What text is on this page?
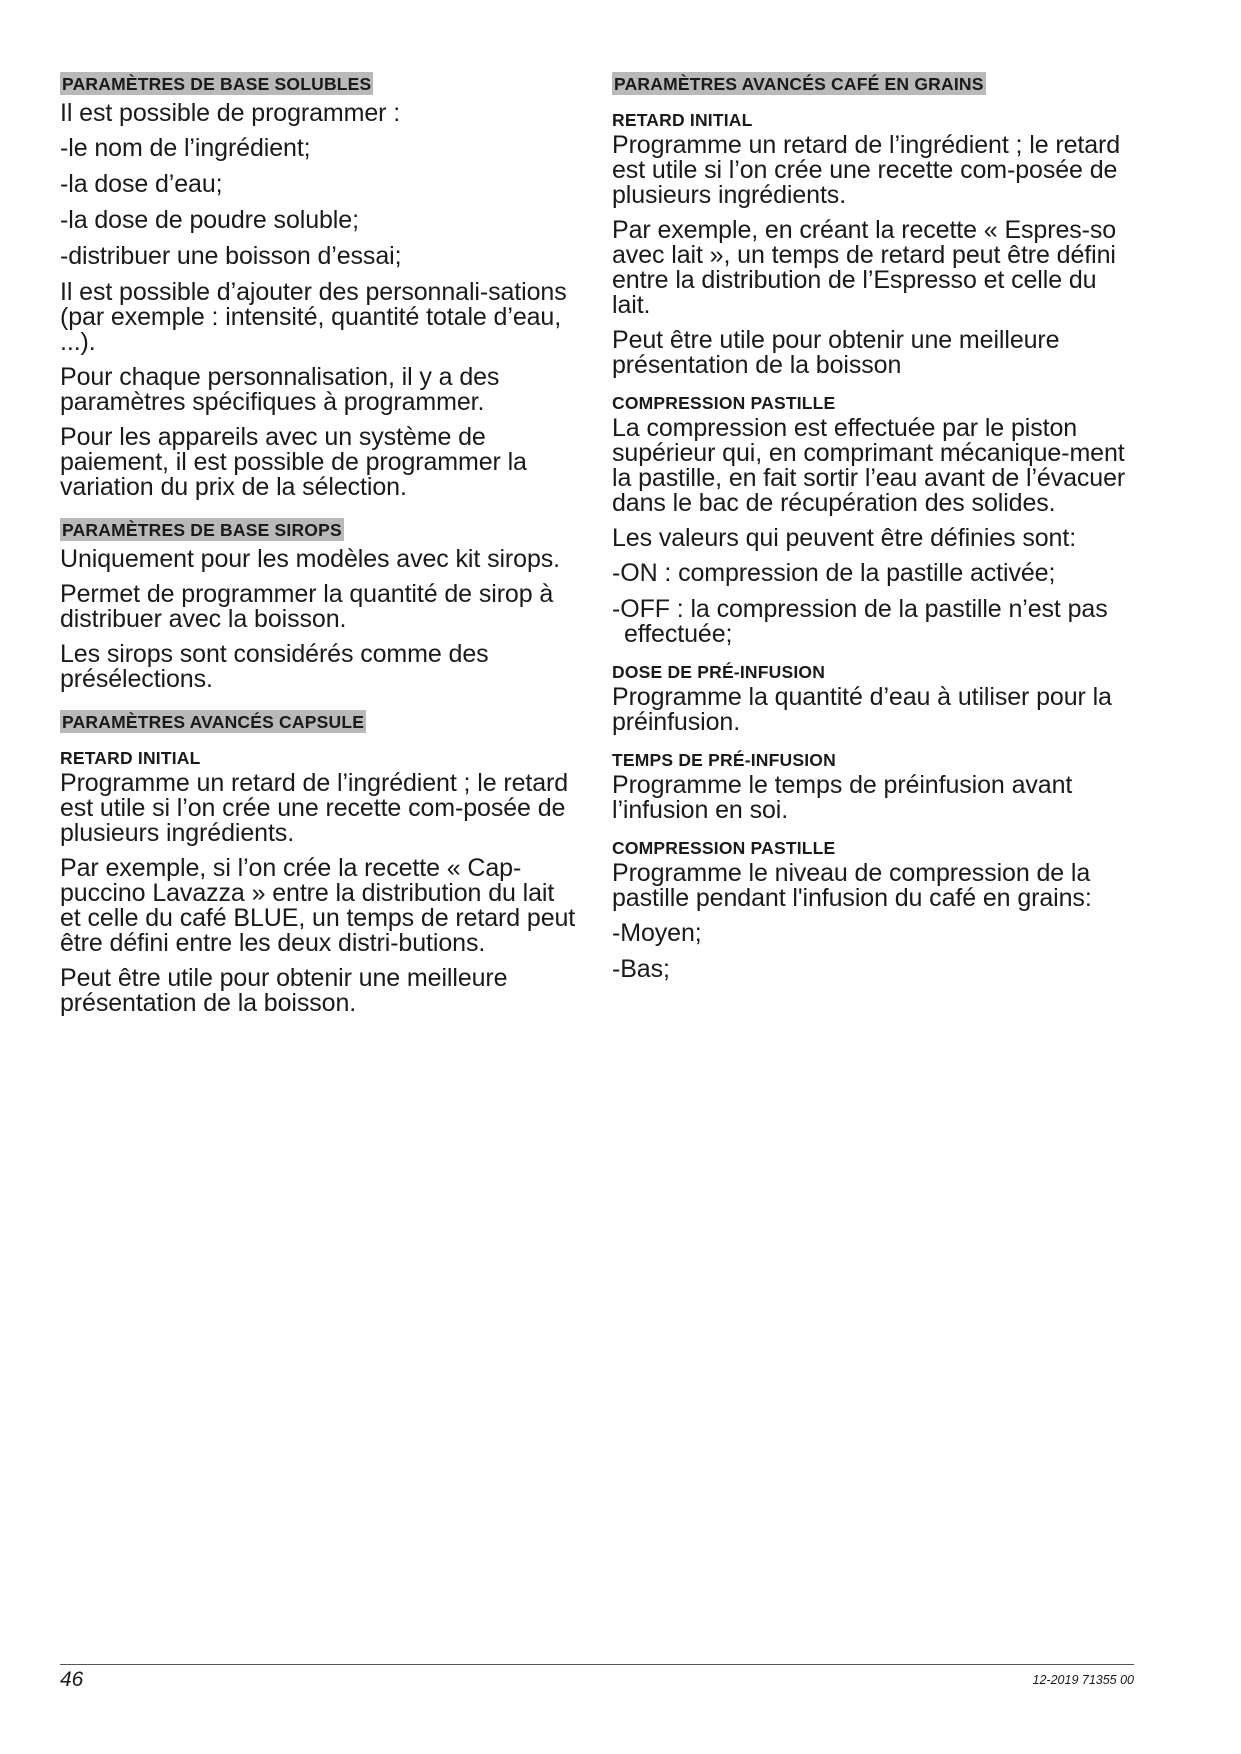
PARAMÈTRES DE BASE SOLUBLES

Il est possible de programmer :

- le nom de l’ingrédient;
- la dose d’eau;
- la dose de poudre soluble;
- distribuer une boisson d’essai;

Il est possible d’ajouter des personnali-sations (par exemple : intensité, quantité totale d’eau, ...).

Pour chaque personnalisation, il y a des paramètres spécifiques à programmer.

Pour les appareils avec un système de paiement, il est possible de programmer la variation du prix de la sélection.

PARAMÈTRES DE BASE SIROPS

Uniquement pour les modèles avec kit sirops.

Permet de programmer la quantité de sirop à distribuer avec la boisson.

Les sirops sont considérés comme des présélections.

PARAMÈTRES AVANCÉS CAPSULE
RETARD INITIAL

Programme un retard de l’ingrédient ; le retard est utile si l’on crée une recette com-posée de plusieurs ingrédients.

Par exemple, si l’on crée la recette « Cap-puccino Lavazza » entre la distribution du lait et celle du café BLUE, un temps de retard peut être défini entre les deux distri-butions.

Peut être utile pour obtenir une meilleure présentation de la boisson.

PARAMÈTRES AVANCÉS CAFÉ EN GRAINS
RETARD INITIAL

Programme un retard de l’ingrédient ; le retard est utile si l’on crée une recette com-posée de plusieurs ingrédients.

Par exemple, en créant la recette « Espres-so avec lait », un temps de retard peut être défini entre la distribution de l’Espresso et celle du lait.

Peut être utile pour obtenir une meilleure présentation de la boisson

COMPRESSION PASTILLE

La compression est effectuée par le piston supérieur qui, en comprimant mécanique-ment la pastille, en fait sortir l’eau avant de l’évacuer dans le bac de récupération des solides.

Les valeurs qui peuvent être définies sont:

- ON : compression de la pastille activée;
- OFF : la compression de la pastille n’est pas effectuée;
DOSE DE PRÉ-INFUSION

Programme la quantité d’eau à utiliser pour la préinfusion.

TEMPS DE PRÉ-INFUSION

Programme le temps de préinfusion avant l’infusion en soi.

COMPRESSION PASTILLE

Programme le niveau de compression de la pastille pendant l'infusion du café en grains:

- Moyen;
- Bas;
46	12-2019 71355 00
